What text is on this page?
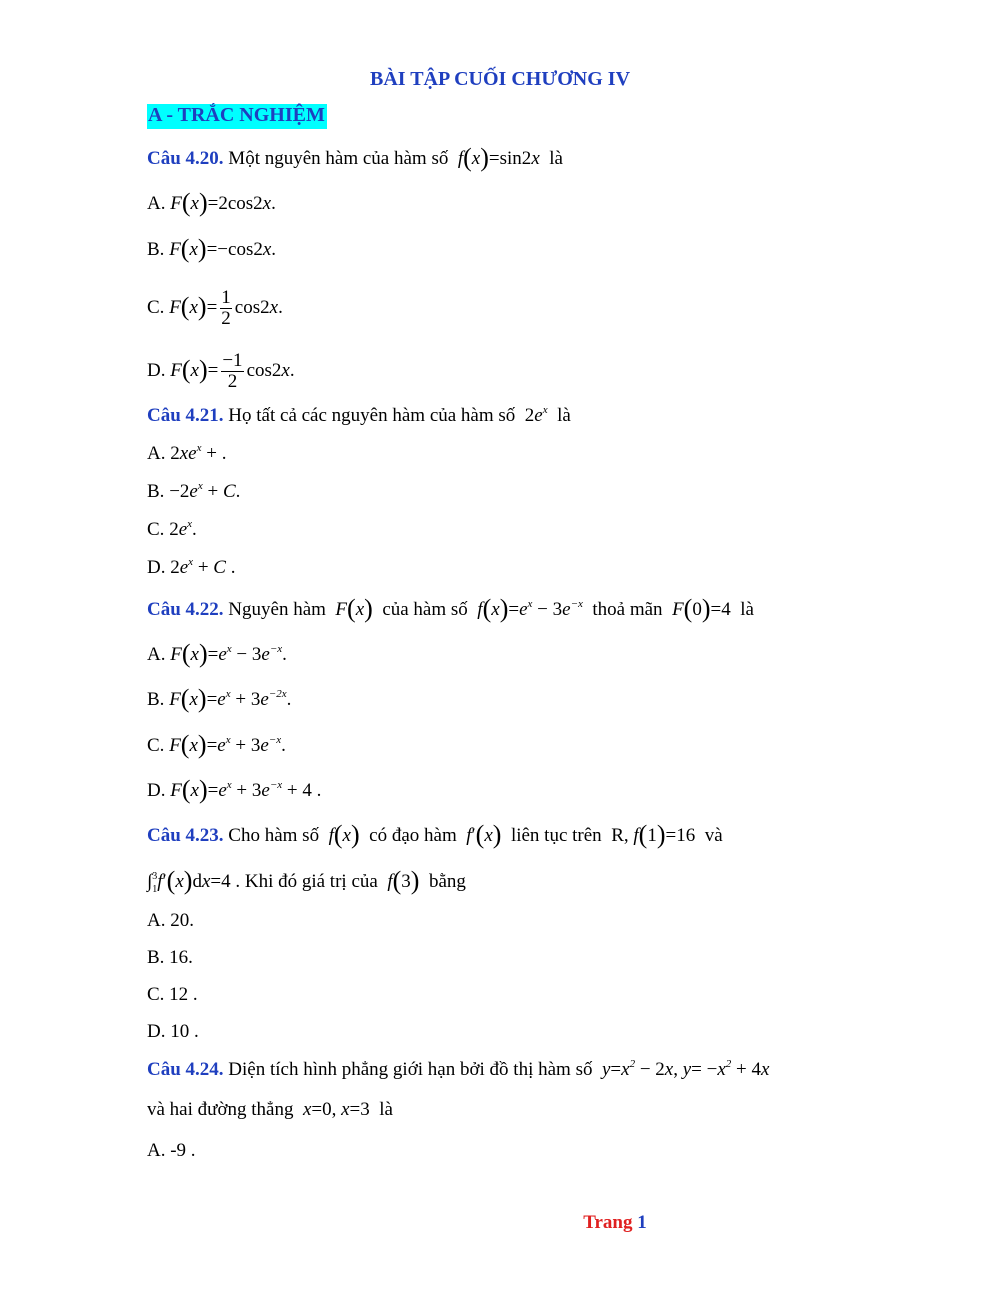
BÀI TẬP CUỐI CHƯƠNG IV
A - TRẮC NGHIỆM
Câu 4.20. Một nguyên hàm của hàm số  f(x)=sin2x  là
A. F(x)=2cos2x.
B. F(x)=−cos2x.
C. $F(x)= \frac{1}{2} \cos 2x$.
D. $F(x)= \frac{-1}{2} \cos 2x$.
Câu 4.21. Họ tất cả các nguyên hàm của hàm số $2e^x$ là
A. $2xe^x$ + .
B. $-2e^x + C$.
C. $2e^x$.
D. $2e^x + C$ .
Câu 4.22. Nguyên hàm  F(x) của hàm số  $f(x)=e^x - 3e^{-x}$ thoả mãn  F(0)=4 là
A. $F(x)=e^x - 3e^{-x}$.
B. $F(x)=e^x + 3e^{-2x}$.
C. $F(x)=e^x + 3e^{-x}$.
D. $F(x)=e^x + 3e^{-x} + 4$ .
Câu 4.23. Cho hàm số  f(x) có đạo hàm  f′(x) liên tục trên R, f(1)=16 và
∫$^3_1$f′(x)dx=4 . Khi đó giá trị của  f(3) bằng
A. 20.
B. 16.
C. 12 .
D. 10 .
Câu 4.24. Diện tích hình phẳng giới hạn bởi đồ thị hàm số  $y=x^2 - 2x$, $y= -x^2 + 4x$
và hai đường thẳng  x=0, x=3 là
A. -9 .
Trang 1
